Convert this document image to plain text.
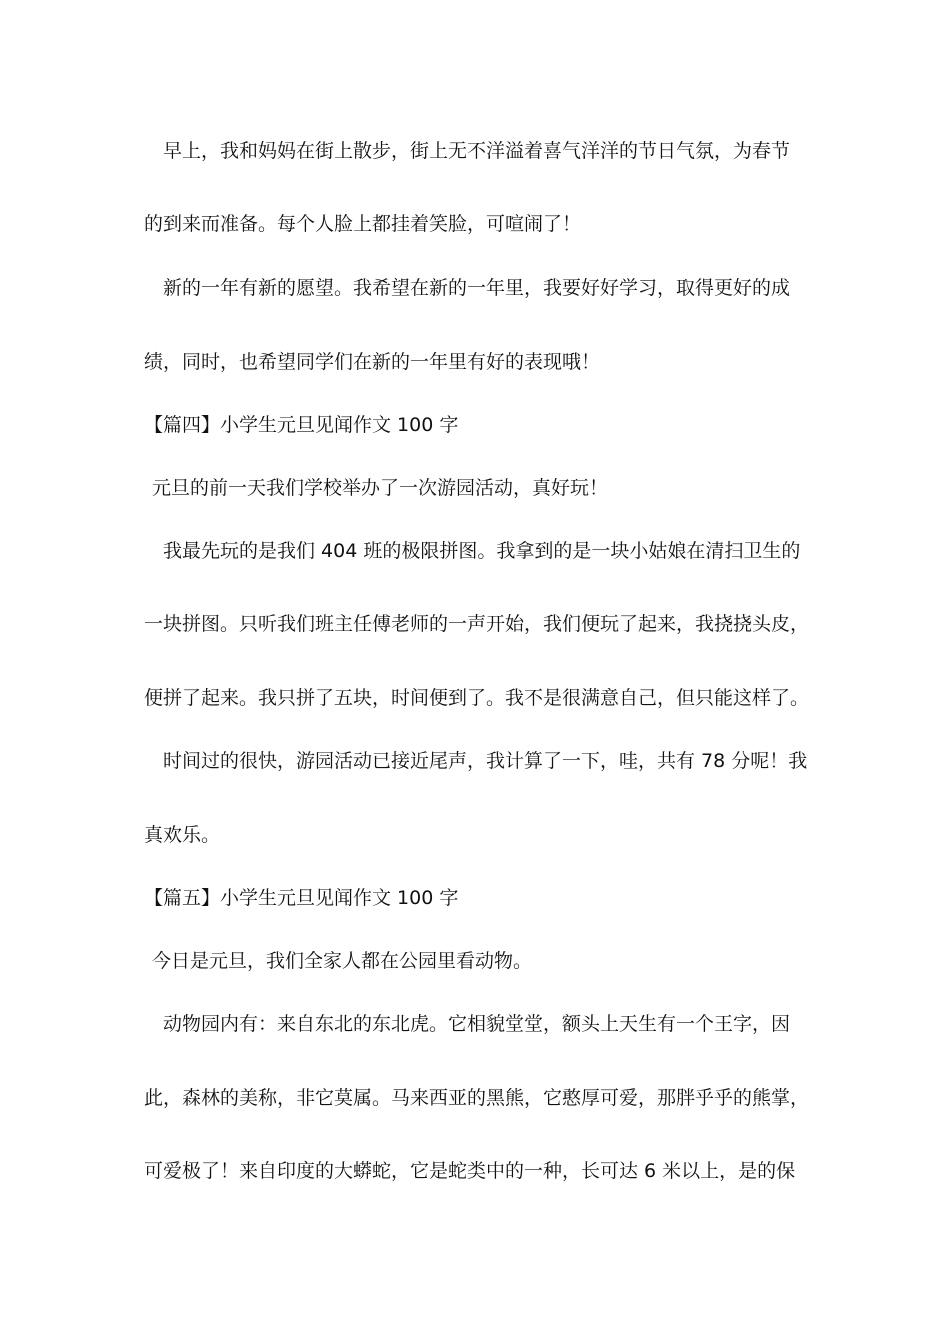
早上，我和妈妈在街上散步，街上无不洋溢着喜气洋洋的节日气氛，为春节
的到来而准备。每个人脸上都挂着笑脸，可喧闹了！
新的一年有新的愿望。我希望在新的一年里，我要好好学习，取得更好的成
绩，同时，也希望同学们在新的一年里有好的表现哦！
【篇四】小学生元旦见闻作文 100 字
元旦的前一天我们学校举办了一次游园活动，真好玩！
我最先玩的是我们 404 班的极限拼图。我拿到的是一块小姑娘在清扫卫生的
一块拼图。只听我们班主任傅老师的一声开始，我们便玩了起来，我挠挠头皮，
便拼了起来。我只拼了五块，时间便到了。我不是很满意自己，但只能这样了。
时间过的很快，游园活动已接近尾声，我计算了一下，哇，共有 78 分呢！我
真欢乐。
【篇五】小学生元旦见闻作文 100 字
今日是元旦，我们全家人都在公园里看动物。
动物园内有：来自东北的东北虎。它相貌堂堂，额头上天生有一个王字，因
此，森林的美称，非它莫属。马来西亚的黑熊，它憨厚可爱，那胖乎乎的熊掌，
可爱极了！来自印度的大蟒蛇，它是蛇类中的一种，长可达 6 米以上，是的保
